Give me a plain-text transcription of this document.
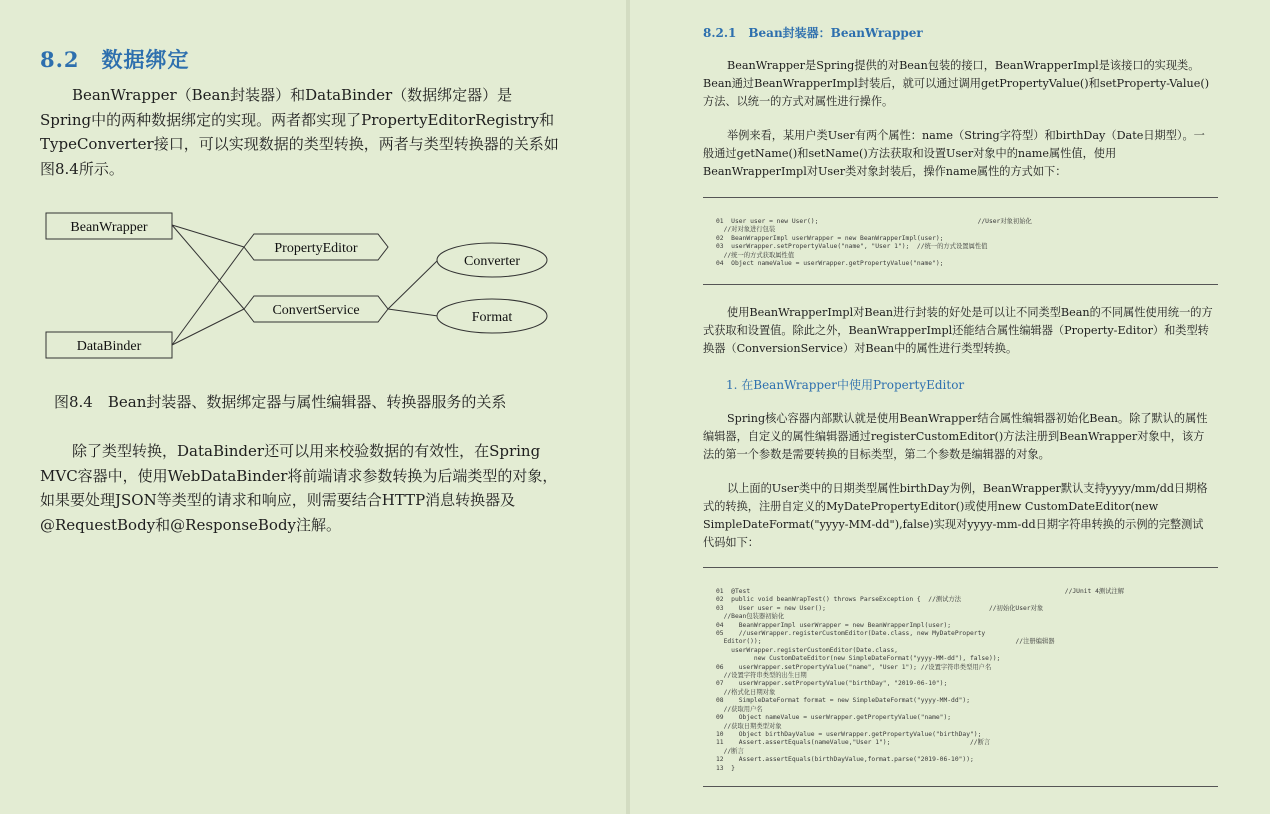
8.2　数据绑定

BeanWrapper（Bean封装器）和DataBinder（数据绑定器）是Spring中的两种数据绑定的实现。两者都实现了PropertyEditorRegistry和TypeConverter接口，可以实现数据的类型转换，两者与类型转换器的关系如图8.4所示。

BeanWrapper
DataBinder
PropertyEditor
ConvertService
Converter
Format

图8.4　Bean封装器、数据绑定器与属性编辑器、转换器服务的关系

除了类型转换，DataBinder还可以用来校验数据的有效性，在Spring MVC容器中，使用WebDataBinder将前端请求参数转换为后端类型的对象，如果要处理JSON等类型的请求和响应，则需要结合HTTP消息转换器及@RequestBody和@ResponseBody注解。

8.2.1　Bean封装器：BeanWrapper

BeanWrapper是Spring提供的对Bean包装的接口，BeanWrapperImpl是该接口的实现类。Bean通过BeanWrapperImpl封装后，就可以通过调用getPropertyValue()和setProperty-Value()方法、以统一的方式对属性进行操作。

举例来看，某用户类User有两个属性：name（String字符型）和birthDay（Date日期型）。一般通过getName()和setName()方法获取和设置User对象中的name属性值，使用BeanWrapperImpl对User类对象封装后，操作name属性的方式如下：

01  User user = new User();                                          //User对象初始化
//对对象进行包装
02  BeanWrapperImpl userWrapper = new BeanWrapperImpl(user);
03  userWrapper.setPropertyValue("name", "User 1");  //统一的方式设置属性值
//统一的方式获取属性值
04  Object nameValue = userWrapper.getPropertyValue("name");

使用BeanWrapperImpl对Bean进行封装的好处是可以让不同类型Bean的不同属性使用统一的方式获取和设置值。除此之外，BeanWrapperImpl还能结合属性编辑器（Property-Editor）和类型转换器（ConversionService）对Bean中的属性进行类型转换。

1. 在BeanWrapper中使用PropertyEditor

Spring核心容器内部默认就是使用BeanWrapper结合属性编辑器初始化Bean。除了默认的属性编辑器，自定义的属性编辑器通过registerCustomEditor()方法注册到BeanWrapper对象中，该方法的第一个参数是需要转换的目标类型，第二个参数是编辑器的对象。

以上面的User类中的日期类型属性birthDay为例，BeanWrapper默认支持yyyy/mm/dd日期格式的转换，注册自定义的MyDatePropertyEditor()或使用new CustomDateEditor(new SimpleDateFormat("yyyy-MM-dd"),false)实现对yyyy-mm-dd日期字符串转换的示例的完整测试代码如下：

01  @Test                                                                                   //JUnit 4测试注解
02  public void beanWrapTest() throws ParseException {  //测试方法
03    User user = new User();                                           //初始化User对象
//Bean包装器初始化
04    BeanWrapperImpl userWrapper = new BeanWrapperImpl(user);
05    //userWrapper.registerCustomEditor(Date.class, new MyDateProperty
Editor());                                                                   //注册编辑器
userWrapper.registerCustomEditor(Date.class,
new CustomDateEditor(new SimpleDateFormat("yyyy-MM-dd"), false));
06    userWrapper.setPropertyValue("name", "User 1"); //设置字符串类型用户名
//设置字符串类型的出生日期
07    userWrapper.setPropertyValue("birthDay", "2019-06-10");
//格式化日期对象
08    SimpleDateFormat format = new SimpleDateFormat("yyyy-MM-dd");
//获取用户名
09    Object nameValue = userWrapper.getPropertyValue("name");
//获取日期类型对象
10    Object birthDayValue = userWrapper.getPropertyValue("birthDay");
11    Assert.assertEquals(nameValue,"User 1");                     //断言
//断言
12    Assert.assertEquals(birthDayValue,format.parse("2019-06-10"));
13  }
